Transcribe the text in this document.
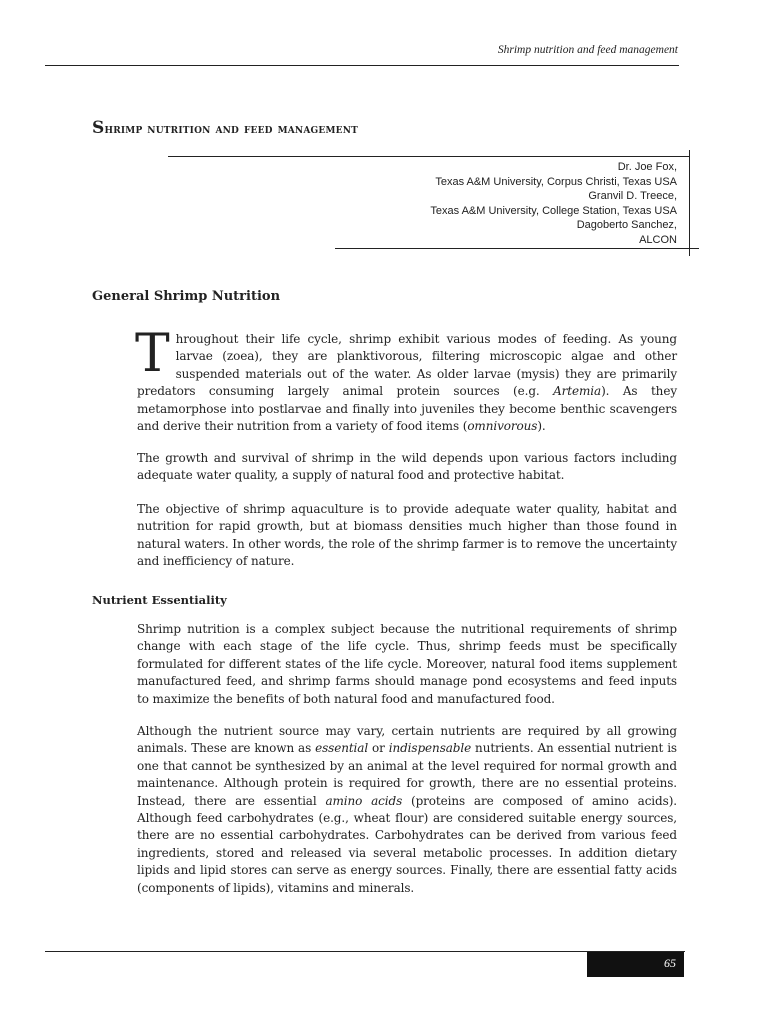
Shrimp nutrition and feed management
Shrimp nutrition and feed management
Dr. Joe Fox,
Texas A&M University, Corpus Christi, Texas USA
Granvil D. Treece,
Texas A&M University, College Station, Texas USA
Dagoberto Sanchez,
ALCON
General Shrimp Nutrition
Throughout their life cycle, shrimp exhibit various modes of feeding. As young larvae (zoea), they are planktivorous, filtering microscopic algae and other suspended materials out of the water. As older larvae (mysis) they are primarily predators consuming largely animal protein sources (e.g. Artemia). As they metamorphose into postlarvae and finally into juveniles they become benthic scavengers and derive their nutrition from a variety of food items (omnivorous).
The growth and survival of shrimp in the wild depends upon various factors including adequate water quality, a supply of natural food and protective habitat.
The objective of shrimp aquaculture is to provide adequate water quality, habitat and nutrition for rapid growth, but at biomass densities much higher than those found in natural waters. In other words, the role of the shrimp farmer is to remove the uncertainty and inefficiency of nature.
Nutrient Essentiality
Shrimp nutrition is a complex subject because the nutritional requirements of shrimp change with each stage of the life cycle. Thus, shrimp feeds must be specifically formulated for different states of the life cycle. Moreover, natural food items supplement manufactured feed, and shrimp farms should manage pond ecosystems and feed inputs to maximize the benefits of both natural food and manufactured food.
Although the nutrient source may vary, certain nutrients are required by all growing animals. These are known as essential or indispensable nutrients. An essential nutrient is one that cannot be synthesized by an animal at the level required for normal growth and maintenance. Although protein is required for growth, there are no essential proteins. Instead, there are essential amino acids (proteins are composed of amino acids). Although feed carbohydrates (e.g., wheat flour) are considered suitable energy sources, there are no essential carbohydrates. Carbohydrates can be derived from various feed ingredients, stored and released via several metabolic processes. In addition dietary lipids and lipid stores can serve as energy sources. Finally, there are essential fatty acids (components of lipids), vitamins and minerals.
65
